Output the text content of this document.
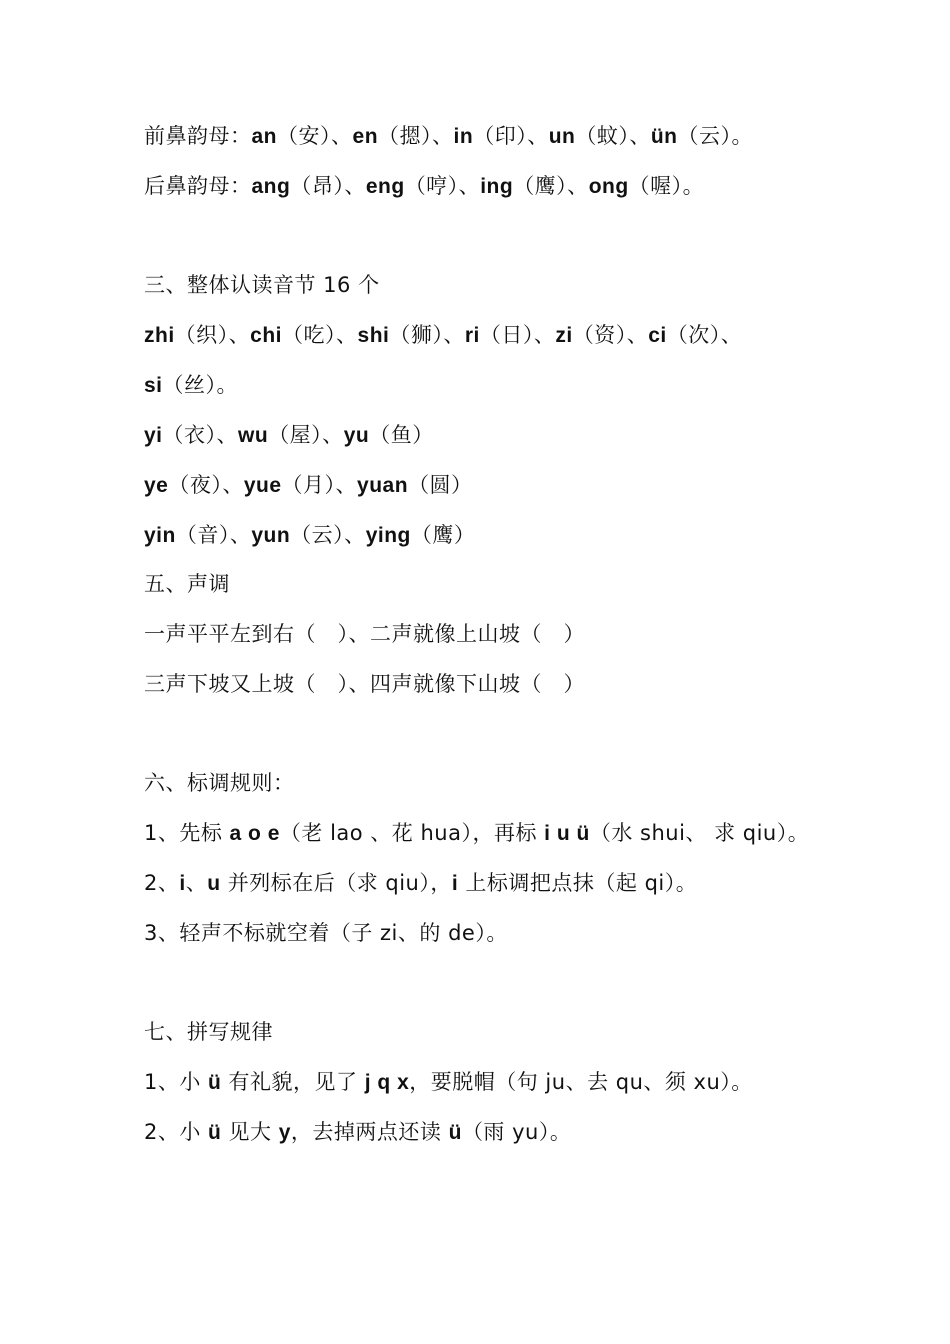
前鼻韵母：an（安）、en（摁）、in（印）、un（蚊）、ün（云）。
后鼻韵母：ang（昂）、eng（哼）、ing（鹰）、ong（喔）。
三、整体认读音节 16 个
zhi（织）、chi（吃）、shi（狮）、ri（日）、zi（资）、ci（次）、
si（丝）。
yi（衣）、wu（屋）、yu（鱼）
ye（夜）、yue（月）、yuan（圆）
yin（音）、yun（云）、ying（鹰）
五、声调
一声平平左到右（　）、二声就像上山坡（　）
三声下坡又上坡（　）、四声就像下山坡（　）
六、标调规则：
1、先标 a o e（老 lao 、花 hua），再标 i u ü（水 shui、 求 qiu）。
2、i、u 并列标在后（求 qiu），i 上标调把点抹（起 qi）。
3、轻声不标就空着（子 zi、的 de）。
七、拼写规律
1、小 ü 有礼貌，见了 j q x，要脱帽（句 ju、去 qu、须 xu）。
2、小 ü 见大 y，去掉两点还读 ü（雨 yu）。
